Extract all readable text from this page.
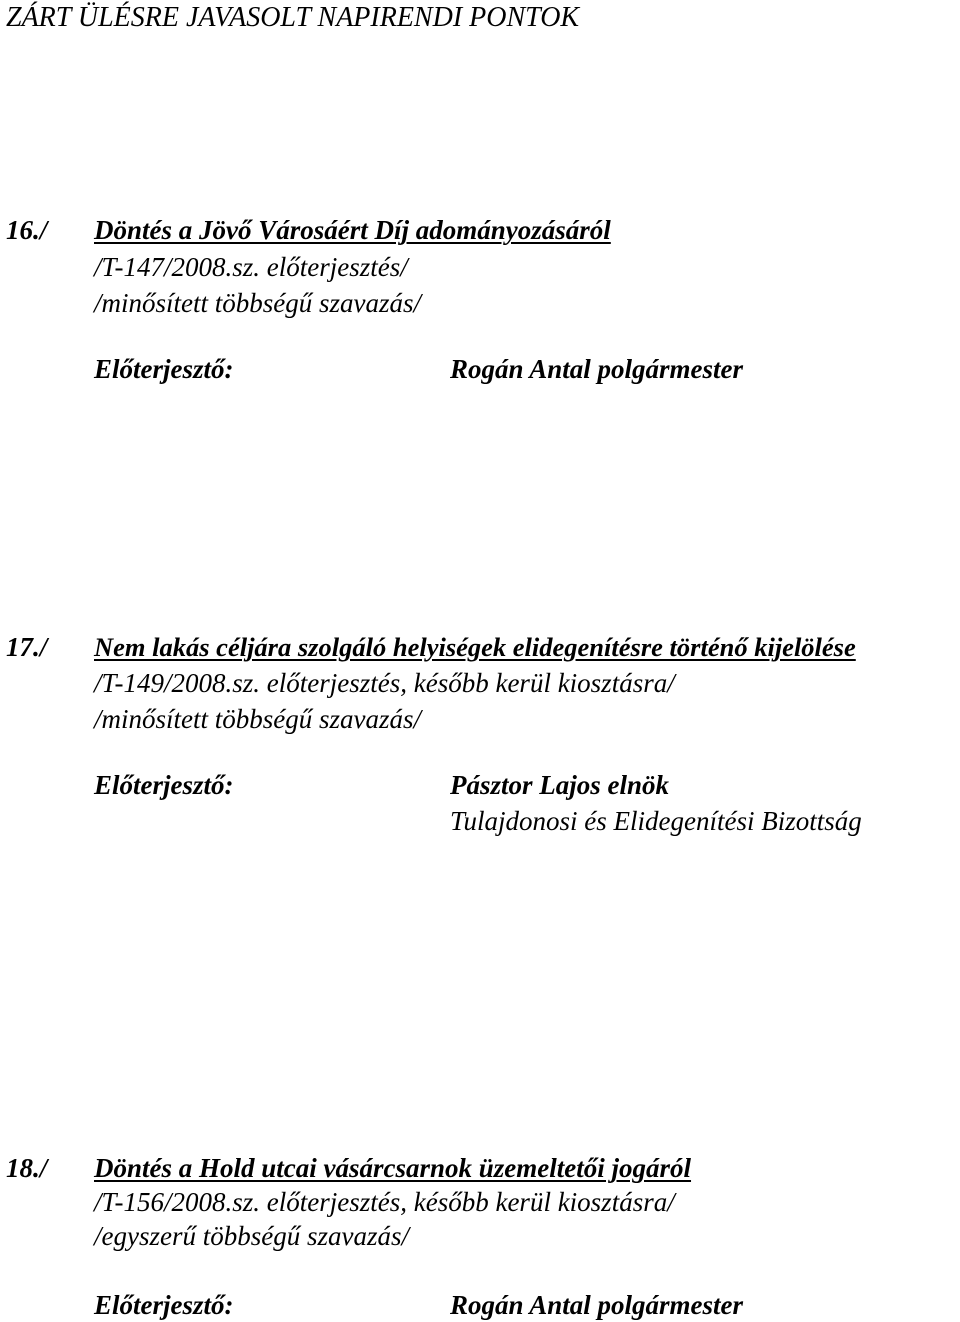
ZÁRT ÜLÉSRE JAVASOLT NAPIRENDI PONTOK
16./ Döntés a Jövő Városáért Díj adományozásáról
/T-147/2008.sz. előterjesztés/
/minősített többségű szavazás/
Előterjesztő:	Rogán Antal polgármester
17./ Nem lakás céljára szolgáló helyiségek elidegenítésre történő kijelölése
/T-149/2008.sz. előterjesztés, később kerül kiosztásra/
/minősített többségű szavazás/
Előterjesztő:	Pásztor Lajos elnök
Tulajdonosi és Elidegenítési Bizottság
18./ Döntés a Hold utcai vásárcsarnok üzemeltetői jogáról
/T-156/2008.sz. előterjesztés, később kerül kiosztásra/
/egyszerű többségű szavazás/
Előterjesztő:	Rogán Antal polgármester
